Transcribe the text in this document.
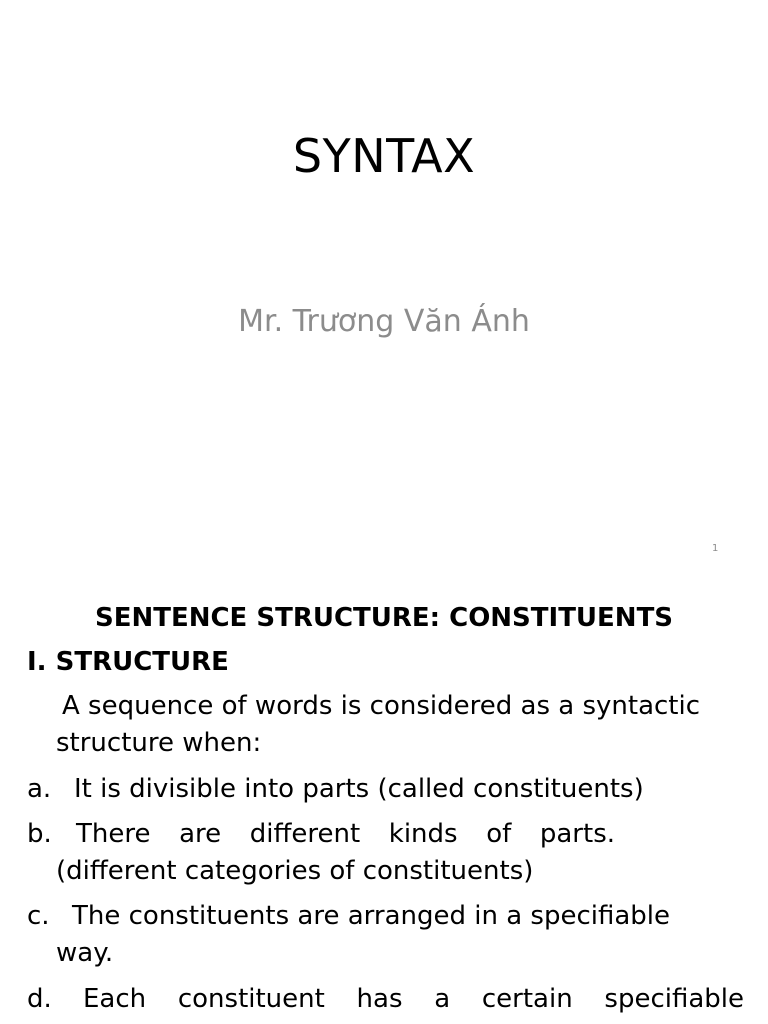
SYNTAX
Mr. Trương Văn Ánh
1
SENTENCE STRUCTURE: CONSTITUENTS
I. STRUCTURE

A sequence of words is considered as a syntactic structure when:

a. It is divisible into parts (called constituents)
b. There are different kinds of parts.
(different categories of constituents)
c. The constituents are arranged in a specifiable
way.
d.	Each constituent has a certain specifiable
